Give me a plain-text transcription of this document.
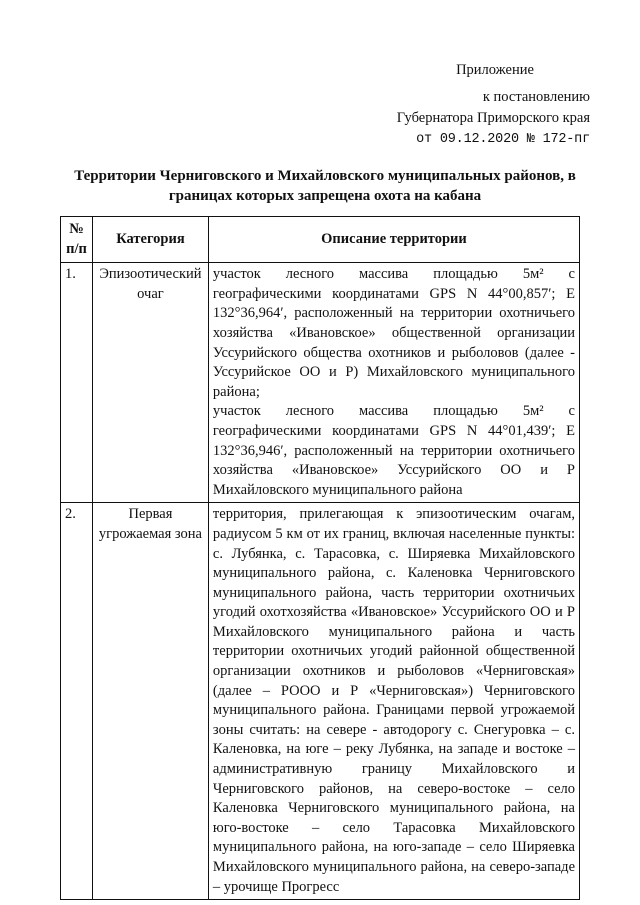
Приложение
к постановлению
Губернатора Приморского края
от 09.12.2020 № 172-пг
Территории Черниговского и Михайловского муниципальных районов, в границах которых запрещена охота на кабана
№ п/п	Категория	Описание территории
1.	Эпизоотический очаг	участок лесного массива площадью 5м² с географическими координатами GPS N 44°00,857′; E 132°36,964′, расположенный на территории охотничьего хозяйства «Ивановское» общественной организации Уссурийского общества охотников и рыболовов (далее - Уссурийское ОО и Р) Михайловского муниципального района;
участок лесного массива площадью 5м² с географическими координатами GPS N 44°01,439′; E 132°36,946′, расположенный на территории охотничьего хозяйства «Ивановское» Уссурийского ОО и Р Михайловского муниципального района

2.	Первая угрожаемая зона	территория, прилегающая к эпизоотическим очагам, радиусом 5 км от их границ, включая населенные пункты: с. Лубянка, с. Тарасовка, с. Ширяевка Михайловского муниципального района, с. Каленовка Черниговского муниципального района, часть территории охотничьих угодий охотхозяйства «Ивановское» Уссурийского ОО и Р Михайловского муниципального района и часть территории охотничьих угодий районной общественной организации охотников и рыболовов «Черниговская» (далее – РООО и Р «Черниговская») Черниговского муниципального района. Границами первой угрожаемой зоны считать: на севере - автодорогу с. Снегуровка – с. Каленовка, на юге – реку Лубянка, на западе и востоке – административную границу Михайловского и Черниговского районов, на северо-востоке – село Каленовка Черниговского муниципального района, на юго-востоке – село Тарасовка Михайловского муниципального района, на юго-западе – село Ширяевка Михайловского муниципального района, на северо-западе – урочище Прогресс
